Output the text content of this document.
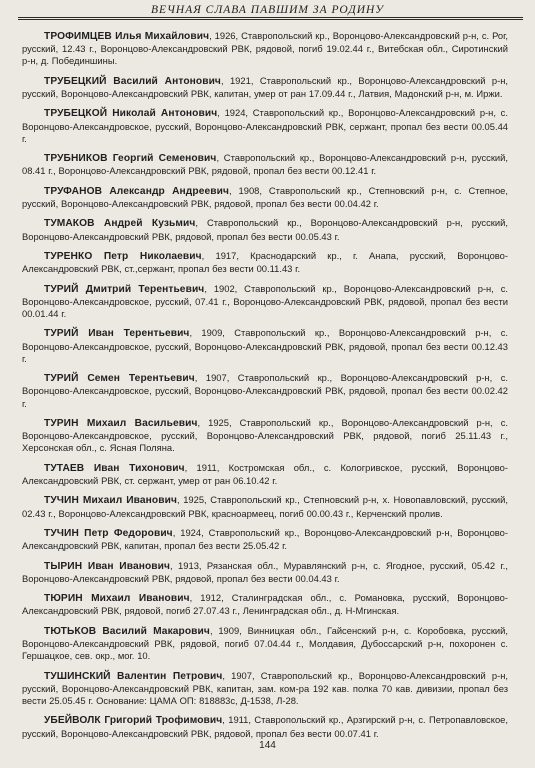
ВЕЧНАЯ СЛАВА ПАВШИМ ЗА РОДИНУ

ТРОФИМЦЕВ Илья Михайлович, 1926, Ставропольский кр., Воронцово-Александровский р-н, с. Рог, русский, 12.43 г., Воронцово-Александровский РВК, рядовой, погиб 19.02.44 г., Витебская обл., Сиротинский р-н, д. Побединшины.

ТРУБЕЦКИЙ Василий Антонович, 1921, Ставропольский кр., Воронцово-Александровский р-н, русский, Воронцово-Александровский РВК, капитан, умер от ран 17.09.44 г., Латвия, Мадонский р-н, м. Иржи.

ТРУБЕЦКОЙ Николай Антонович, 1924, Ставропольский кр., Воронцово-Александровский р-н, с. Воронцово-Александровское, русский, Воронцово-Александровский РВК, сержант, пропал без вести 00.05.44 г.

ТРУБНИКОВ Георгий Семенович, Ставропольский кр., Воронцово-Александровский р-н, русский, 08.41 г., Воронцово-Александровский РВК, рядовой, пропал без вести 00.12.41 г.

ТРУФАНОВ Александр Андреевич, 1908, Ставропольский кр., Степновский р-н, с. Степное, русский, Воронцово-Александровский РВК, рядовой, пропал без вести 00.04.42 г.

ТУМАКОВ Андрей Кузьмич, Ставропольский кр., Воронцово-Александровский р-н, русский, Воронцово-Александровский РВК, рядовой, пропал без вести 00.05.43 г.

ТУРЕНКО Петр Николаевич, 1917, Краснодарский кр., г. Анапа, русский, Воронцово-Александровский РВК, ст.,сержант, пропал без вести 00.11.43 г.

ТУРИЙ Дмитрий Терентьевич, 1902, Ставропольский кр., Воронцово-Александровский р-н, с. Воронцово-Александровское, русский, 07.41 г., Воронцово-Александровский РВК, рядовой, пропал без вести 00.01.44 г.

ТУРИЙ Иван Терентьевич, 1909, Ставропольский кр., Воронцово-Александровский р-н, с. Воронцово-Александровское, русский, Воронцово-Александровский РВК, рядовой, пропал без вести 00.12.43 г.

ТУРИЙ Семен Терентьевич, 1907, Ставропольский кр., Воронцово-Александровский р-н, с. Воронцово-Александровское, русский, Воронцово-Александровский РВК, рядовой, пропал без вести 00.02.42 г.

ТУРИН Михаил Васильевич, 1925, Ставропольский кр., Воронцово-Александровский р-н, с. Воронцово-Александровское, русский, Воронцово-Александровский РВК, рядовой, погиб 25.11.43 г., Херсонская обл., с. Ясная Поляна.

ТУТАЕВ Иван Тихонович, 1911, Костромская обл., с. Кологривское, русский, Воронцово-Александровский РВК, ст. сержант, умер от ран 06.10.42 г.

ТУЧИН Михаил Иванович, 1925, Ставропольский кр., Степновский р-н, х. Новопавловский, русский, 02.43 г., Воронцово-Александровский РВК, красноармеец, погиб 00.00.43 г., Керченский пролив.

ТУЧИН Петр Федорович, 1924, Ставропольский кр., Воронцово-Александровский р-н, Воронцово-Александровский РВК, капитан, пропал без вести 25.05.42 г.

ТЫРИН Иван Иванович, 1913, Рязанская обл., Муравлянский р-н, с. Ягодное, русский, 05.42 г., Воронцово-Александровский РВК, рядовой, пропал без вести 00.04.43 г.

ТЮРИН Михаил Иванович, 1912, Сталинградская обл., с. Романовка, русский, Воронцово-Александровский РВК, рядовой, погиб 27.07.43 г., Ленинградская обл., д. Н-Мгинская.

ТЮТЬКОВ Василий Макарович, 1909, Винницкая обл., Гайсенский р-н, с. Коробовка, русский, Воронцово-Александровский РВК, рядовой, погиб 07.04.44 г., Молдавия, Дубоссарский р-н, похоронен с. Гершацкое, сев. окр., мог. 10.

ТУШИНСКИЙ Валентин Петрович, 1907, Ставропольский кр., Воронцово-Александровский р-н, русский, Воронцово-Александровский РВК, капитан, зам. ком-ра 192 кав. полка 70 кав. дивизии, пропал без вести 25.05.45 г. Основание: ЦАМА ОП: 818883с, Д-1538, Л-28.

УБЕЙВОЛК Григорий Трофимович, 1911, Ставропольский кр., Арзгирский р-н, с. Петропавловское, русский, Воронцово-Александровский РВК, рядовой, пропал без вести 00.07.41 г.

144
